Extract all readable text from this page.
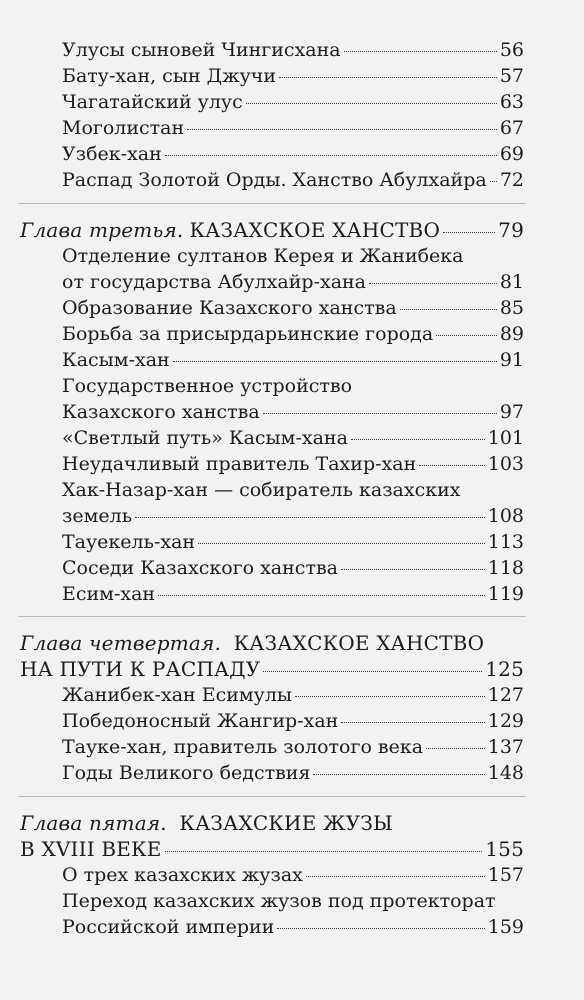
Улусы сыновей Чингисхана	56
Бату-хан, сын Джучи	57
Чагатайский улус	63
Моголистан	67
Узбек-хан	69
Распад Золотой Орды. Ханство Абулхайра 72
Глава третья. КАЗАХСКОЕ ХАНСТВО	79
Отделение султанов Керея и Жанибека
от государства Абулхайр-хана	81
Образование Казахского ханства	85
Борьба за присырдарьинские города	89
Касым-хан	91
Государственное устройство
Казахского ханства	97
«Светлый путь» Касым-хана	101
Неудачливый правитель Тахир-хан	103
Хак-Назар-хан — собиратель казахских
земель	108
Тауекель-хан	113
Соседи Казахского ханства	118
Есим-хан	119
Глава четвертая. КАЗАХСКОЕ ХАНСТВО
НА ПУТИ К РАСПАДУ	125
Жанибек-хан Есимулы	127
Победоносный Жангир-хан	129
Тауке-хан, правитель золотого века	137
Годы Великого бедствия	148
Глава пятая. КАЗАХСКИЕ ЖУЗЫ
В XVIII ВЕКЕ	155
О трех казахских жузах	157
Переход казахских жузов под протекторат
Российской империи	159
